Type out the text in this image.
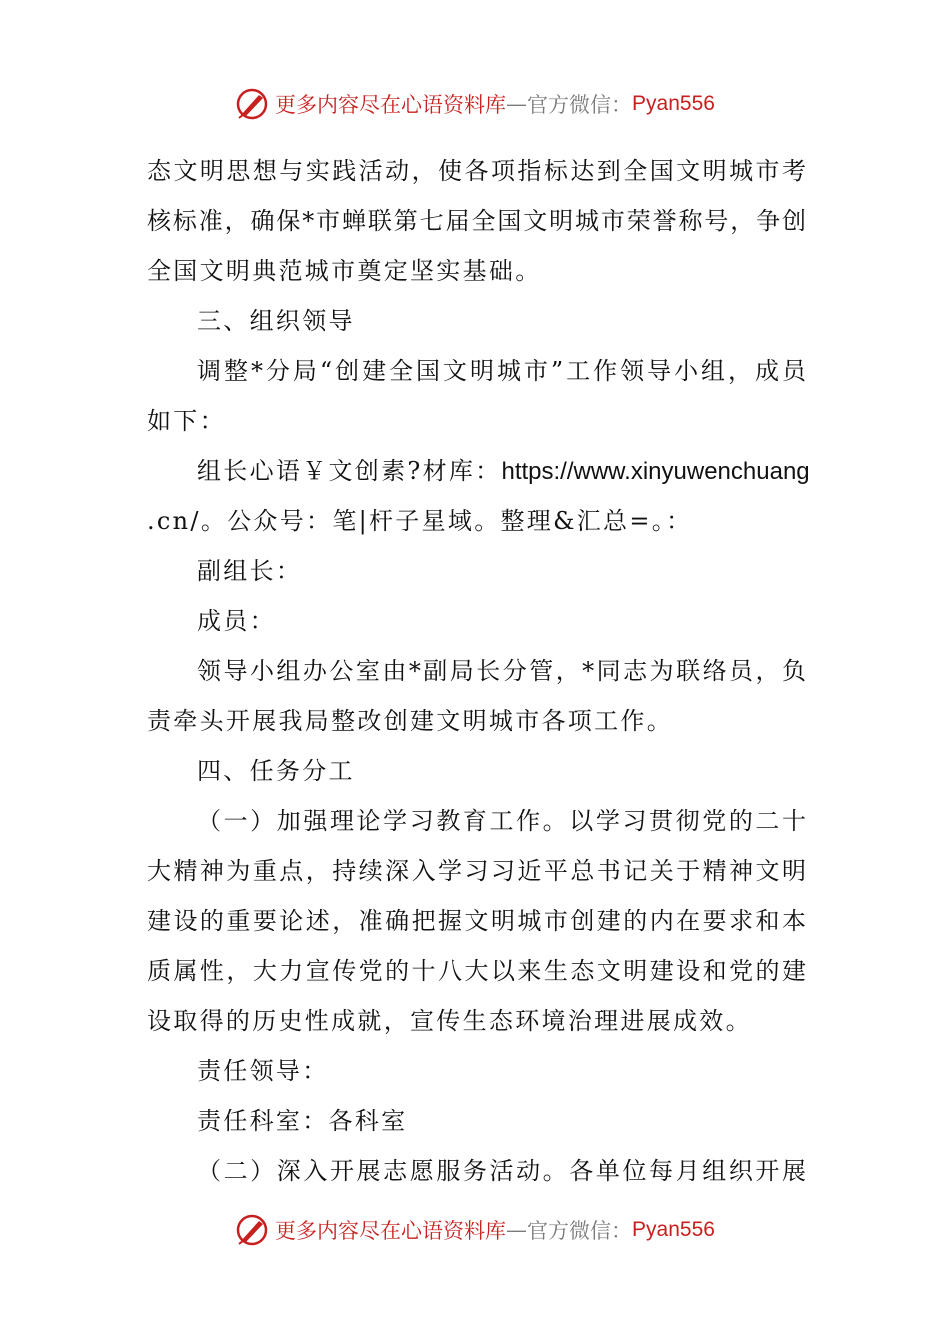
更多内容尽在心语资料库 — 官方微信： Pyan556
态文明思想与实践活动，使各项指标达到全国文明城市考
核标准，确保*市蝉联第七届全国文明城市荣誉称号，争创
全国文明典范城市奠定坚实基础。
三、组织领导
调整*分局“创建全国文明城市”工作领导小组，成员
如下：
组长心语￥文创素?材库：https://www.xinyuwenchuang
.cn/。公众号：笔|杆子星域。整理&汇总=。：
副组长：
成员：
领导小组办公室由*副局长分管，*同志为联络员，负
责牵头开展我局整改创建文明城市各项工作。
四、任务分工
（一）加强理论学习教育工作。以学习贯彻党的二十
大精神为重点，持续深入学习习近平总书记关于精神文明
建设的重要论述，准确把握文明城市创建的内在要求和本
质属性，大力宣传党的十八大以来生态文明建设和党的建
设取得的历史性成就，宣传生态环境治理进展成效。
责任领导：
责任科室：各科室
（二）深入开展志愿服务活动。各单位每月组织开展
更多内容尽在心语资料库 — 官方微信： Pyan556
